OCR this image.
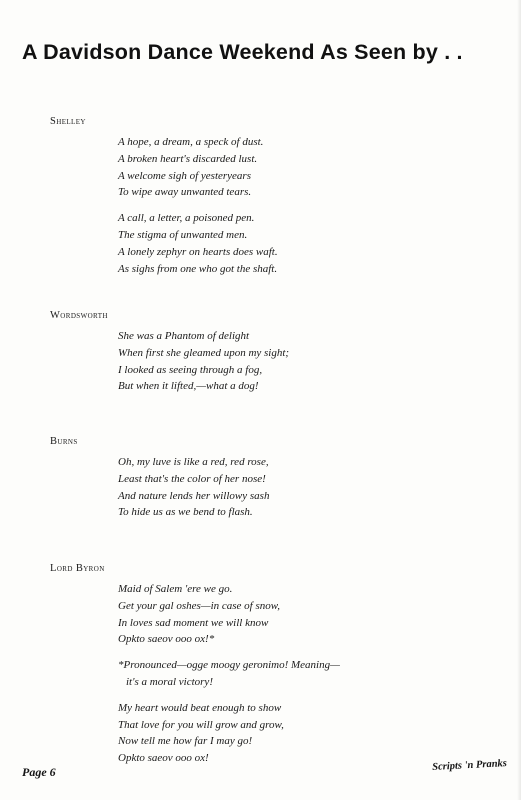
A Davidson Dance Weekend As Seen by . .
Shelley
A hope, a dream, a speck of dust.
A broken heart's discarded lust.
A welcome sigh of yesteryears
To wipe away unwanted tears.
A call, a letter, a poisoned pen.
The stigma of unwanted men.
A lonely zephyr on hearts does waft.
As sighs from one who got the shaft.
Wordsworth
She was a Phantom of delight
When first she gleamed upon my sight;
I looked as seeing through a fog,
But when it lifted,—what a dog!
Burns
Oh, my luve is like a red, red rose,
Least that's the color of her nose!
And nature lends her willowy sash
To hide us as we bend to flash.
Lord Byron
Maid of Salem 'ere we go.
Get your gal oshes—in case of snow,
In loves sad moment we will know
Opkto saeov ooo ox!*
*Pronounced—ogge moogy geronimo! Meaning—
it's a moral victory!
My heart would beat enough to show
That love for you will grow and grow,
Now tell me how far I may go!
Opkto saeov ooo ox!
Page 6	Scripts 'n Pranks
